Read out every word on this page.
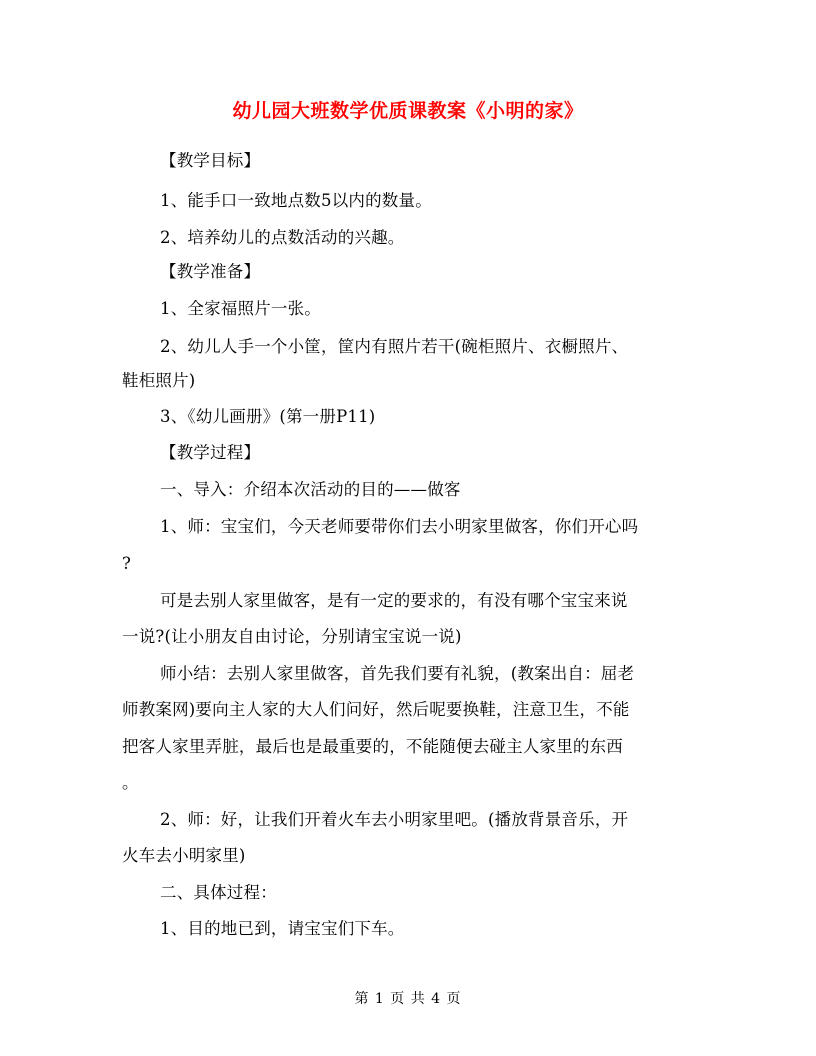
幼儿园大班数学优质课教案《小明的家》
【教学目标】
1、能手口一致地点数5以内的数量。
2、培养幼儿的点数活动的兴趣。
【教学准备】
1、全家福照片一张。
2、幼儿人手一个小筐，筐内有照片若干(碗柜照片、衣橱照片、
鞋柜照片)
3、《幼儿画册》(第一册P11)
【教学过程】
一、导入：介绍本次活动的目的——做客
1、师：宝宝们，今天老师要带你们去小明家里做客，你们开心吗
?
可是去别人家里做客，是有一定的要求的，有没有哪个宝宝来说
一说?(让小朋友自由讨论，分别请宝宝说一说)
师小结：去别人家里做客，首先我们要有礼貌，(教案出自：屈老
师教案网)要向主人家的大人们问好，然后呢要换鞋，注意卫生，不能
把客人家里弄脏，最后也是最重要的，不能随便去碰主人家里的东西
。
2、师：好，让我们开着火车去小明家里吧。(播放背景音乐，开
火车去小明家里)
二、具体过程：
1、目的地已到，请宝宝们下车。
第 1 页 共 4 页
